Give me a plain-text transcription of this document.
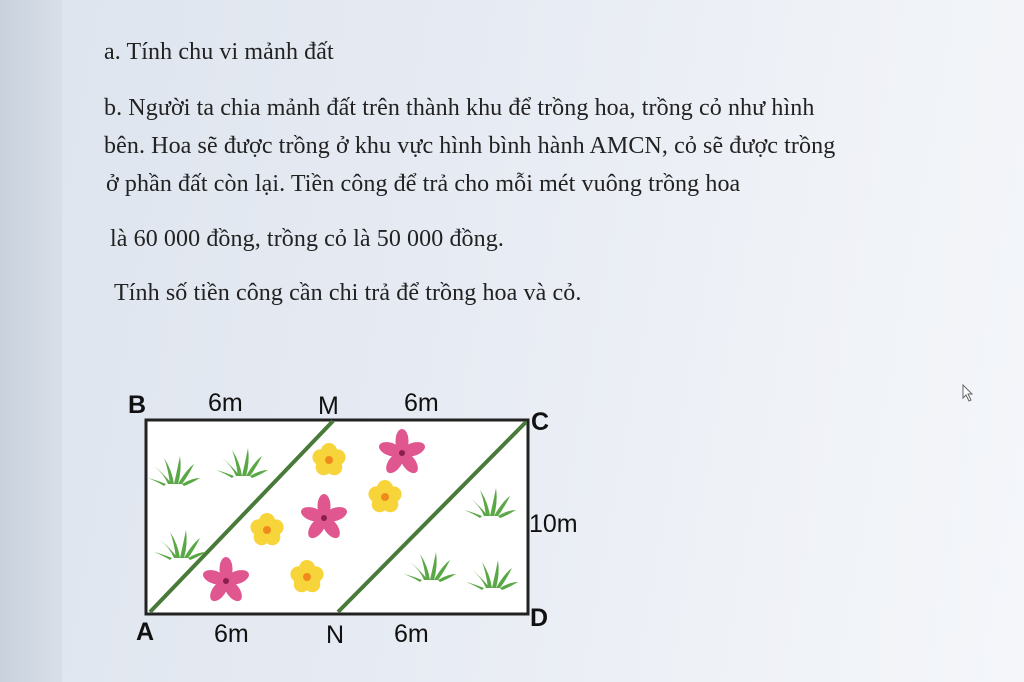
a. Tính chu vi mảnh đất
b. Người ta chia mảnh đất trên thành khu để trồng hoa, trồng cỏ như hình
bên. Hoa sẽ được trồng ở khu vực hình bình hành AMCN, cỏ sẽ được trồng
ở phần đất còn lại. Tiền công để trả cho mỗi mét vuông trồng hoa
là 60 000 đồng, trồng cỏ là 50 000 đồng.
Tính số tiền công cần chi trả để trồng hoa và cỏ.
B 6m	M	6m
C
10m
D
A 6m	N 6m
